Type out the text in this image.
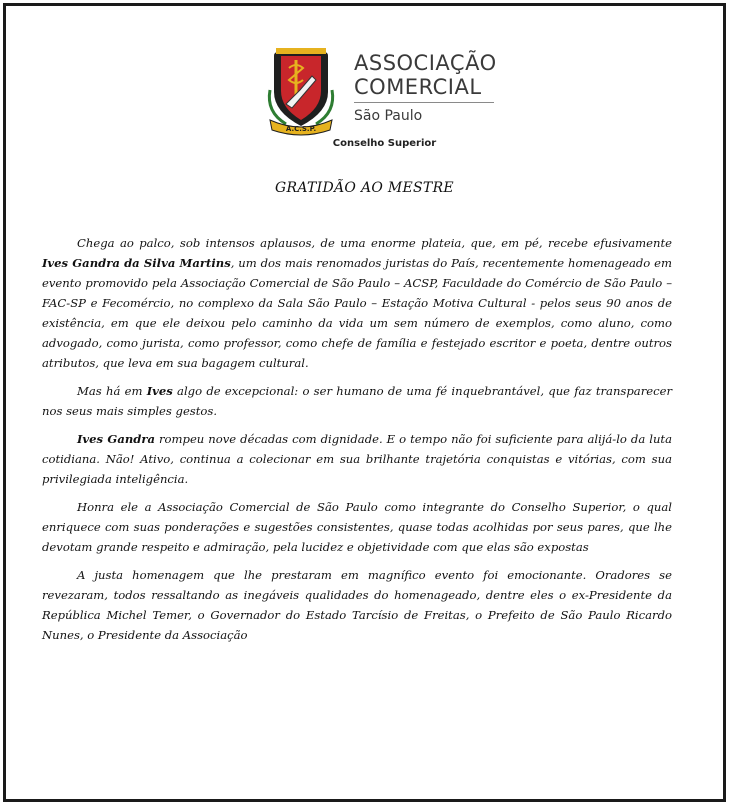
A.C.S.P.
ASSOCIAÇÃO
COMERCIAL
São Paulo
Conselho Superior
GRATIDÃO AO MESTRE

Chega ao palco, sob intensos aplausos, de uma enorme plateia, que, em pé, recebe efusivamente Ives Gandra da Silva Martins, um dos mais renomados juristas do País, recentemente homenageado em evento promovido pela Associação Comercial de São Paulo – ACSP, Faculdade do Comércio de São Paulo – FAC-SP e Fecomércio, no complexo da Sala São Paulo – Estação Motiva Cultural - pelos seus 90 anos de existência, em que ele deixou pelo caminho da vida um sem número de exemplos, como aluno, como advogado, como jurista, como professor, como chefe de família e festejado escritor e poeta, dentre outros atributos, que leva em sua bagagem cultural.

Mas há em Ives algo de excepcional: o ser humano de uma fé inquebrantável, que faz transparecer nos seus mais simples gestos.

Ives Gandra rompeu nove décadas com dignidade. E o tempo não foi suficiente para alijá-lo da luta cotidiana. Não! Ativo, continua a colecionar em sua brilhante trajetória conquistas e vitórias, com sua privilegiada inteligência.

Honra ele a Associação Comercial de São Paulo como integrante do Conselho Superior, o qual enriquece com suas ponderações e sugestões consistentes, quase todas acolhidas por seus pares, que lhe devotam grande respeito e admiração, pela lucidez e objetividade com que elas são expostas

A justa homenagem que lhe prestaram em magnífico evento foi emocionante. Oradores se revezaram, todos ressaltando as inegáveis qualidades do homenageado, dentre eles o ex-Presidente da República Michel Temer, o Governador do Estado Tarcísio de Freitas, o Prefeito de São Paulo Ricardo Nunes, o Presidente da Associação
